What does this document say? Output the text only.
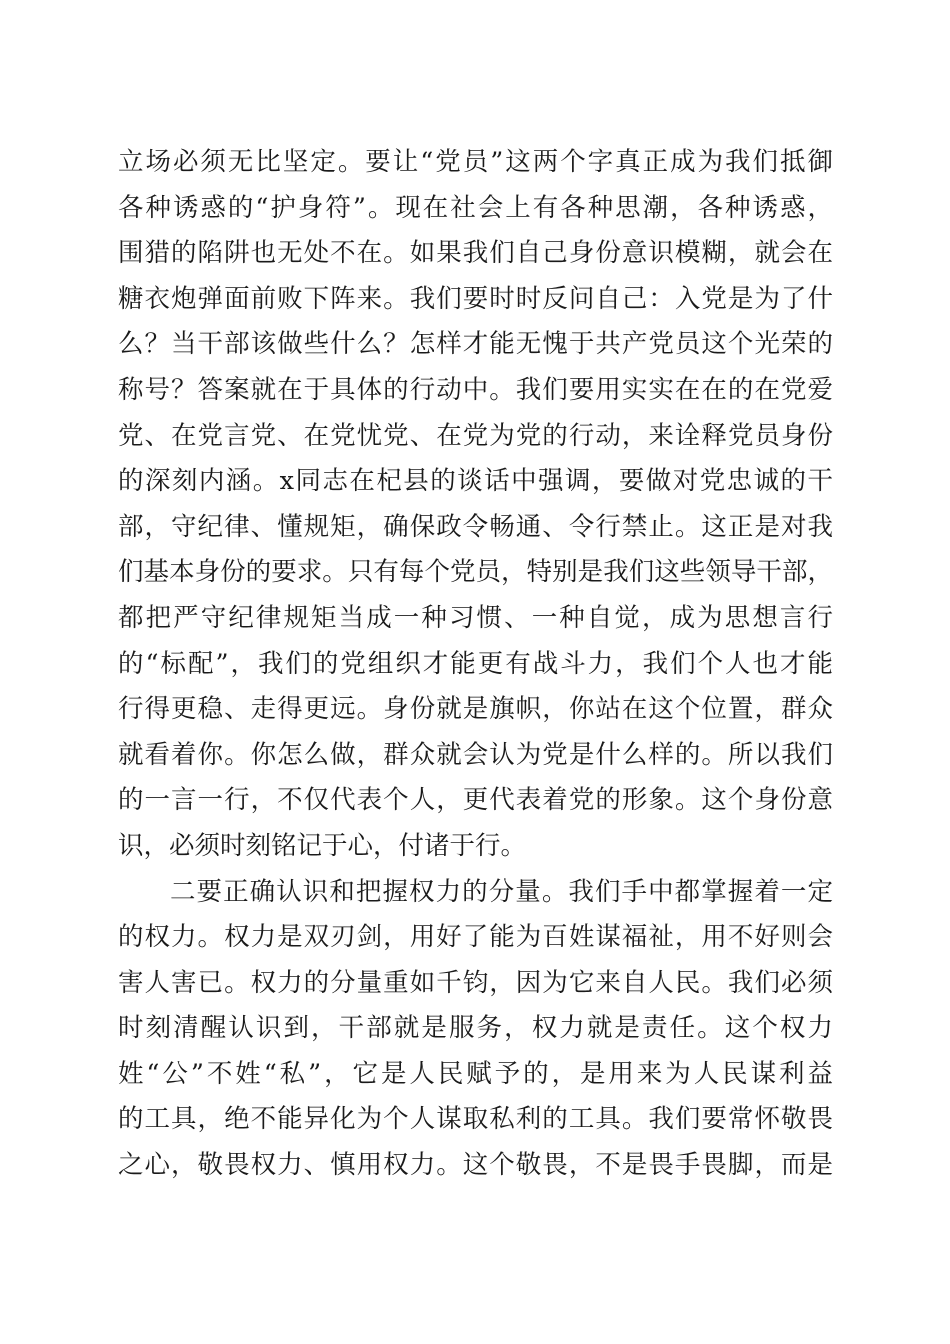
立场必须无比坚定。要让“党员”这两个字真正成为我们抵御
各种诱惑的“护身符”。现在社会上有各种思潮，各种诱惑，
围猎的陷阱也无处不在。如果我们自己身份意识模糊，就会在
糖衣炮弹面前败下阵来。我们要时时反问自己：入党是为了什
么？当干部该做些什么？怎样才能无愧于共产党员这个光荣的
称号？答案就在于具体的行动中。我们要用实实在在的在党爱
党、在党言党、在党忧党、在党为党的行动，来诠释党员身份
的深刻内涵。x同志在杞县的谈话中强调，要做对党忠诚的干
部，守纪律、懂规矩，确保政令畅通、令行禁止。这正是对我
们基本身份的要求。只有每个党员，特别是我们这些领导干部，
都把严守纪律规矩当成一种习惯、一种自觉，成为思想言行
的“标配”，我们的党组织才能更有战斗力，我们个人也才能
行得更稳、走得更远。身份就是旗帜，你站在这个位置，群众
就看着你。你怎么做，群众就会认为党是什么样的。所以我们
的一言一行，不仅代表个人，更代表着党的形象。这个身份意
识，必须时刻铭记于心，付诸于行。
二要正确认识和把握权力的分量。我们手中都掌握着一定
的权力。权力是双刃剑，用好了能为百姓谋福祉，用不好则会
害人害已。权力的分量重如千钧，因为它来自人民。我们必须
时刻清醒认识到，干部就是服务，权力就是责任。这个权力
姓“公”不姓“私”，它是人民赋予的，是用来为人民谋利益
的工具，绝不能异化为个人谋取私利的工具。我们要常怀敬畏
之心，敬畏权力、慎用权力。这个敬畏，不是畏手畏脚，而是
